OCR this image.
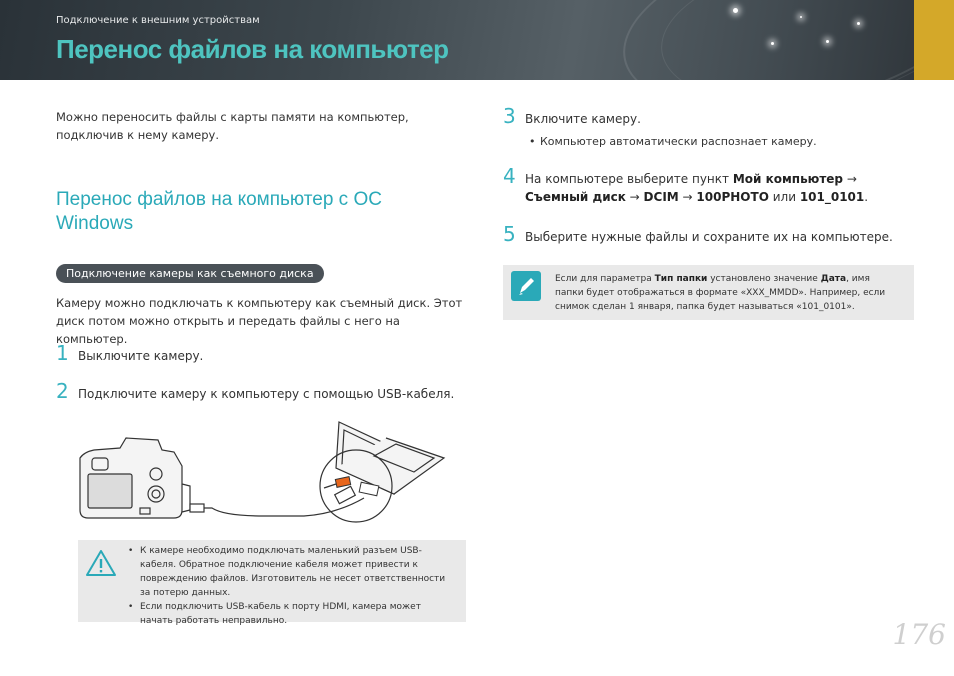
Подключение к внешним устройствам
Перенос файлов на компьютер
Можно переносить файлы с карты памяти на компьютер, подключив к нему камеру.
Перенос файлов на компьютер с ОС Windows
Подключение камеры как съемного диска
Камеру можно подключать к компьютеру как съемный диск. Этот диск потом можно открыть и передать файлы с него на компьютер.
1 Выключите камеру.
2 Подключите камеру к компьютеру с помощью USB-кабеля.
3 Включите камеру.
• Компьютер автоматически распознает камеру.
4 На компьютере выберите пункт Мой компьютер →
Съемный диск → DCIM → 100PHOTO или 101_0101.
5 Выберите нужные файлы и сохраните их на компьютере.
Если для параметра Тип папки установлено значение Дата, имя папки будет отображаться в формате «XXX_MMDD». Например, если снимок сделан 1 января, папка будет называться «101_0101».
• К камере необходимо подключать маленький разъем USB-кабеля. Обратное подключение кабеля может привести к повреждению файлов. Изготовитель не несет ответственности за потерю данных.
• Если подключить USB-кабель к порту HDMI, камера может начать работать неправильно.	176
